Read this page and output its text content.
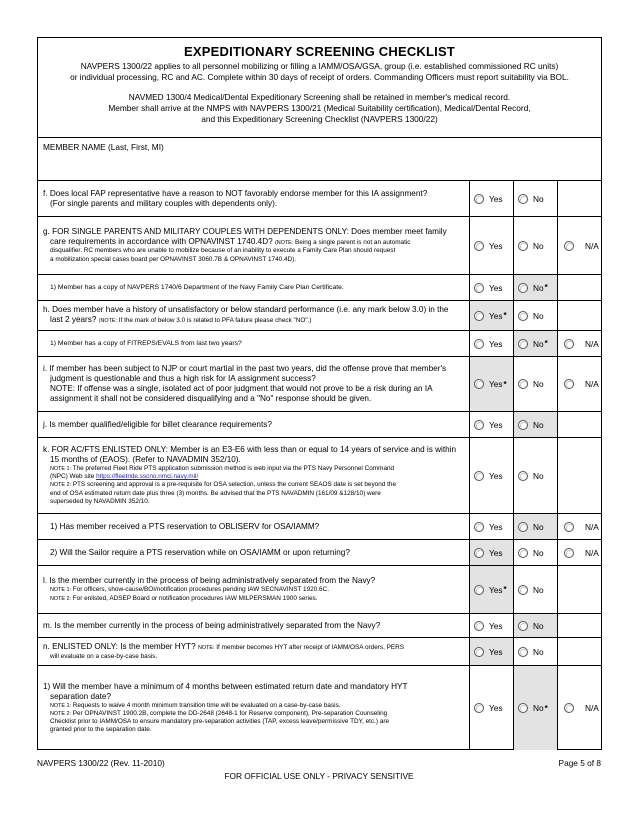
EXPEDITIONARY SCREENING CHECKLIST
NAVPERS 1300/22 applies to all personnel mobilizing or filling a IAMM/OSA/GSA, group (i.e. established commissioned RC units)
or individual processing, RC and AC. Complete within 30 days of receipt of orders. Commanding Officers must report suitability via BOL.
NAVMED 1300/4 Medical/Dental Expeditionary Screening shall be retained in member's medical record.
Member shall arrive at the NMPS with NAVPERS 1300/21 (Medical Suitability certification), Medical/Dental Record,
and this Expeditionary Screening Checklist (NAVPERS 1300/22)
MEMBER NAME (Last, First, MI)
f. Does local FAP representative have a reason to NOT favorably endorse member for this IA assignment?
(For single parents and military couples with dependents only).	Yes	No
g. FOR SINGLE PARENTS AND MILITARY COUPLES WITH DEPENDENTS ONLY: Does member meet family
care requirements in accordance with OPNAVINST 1740.4D? (NOTE: Being a single parent is not an automatic
disqualifier. RC members who are unable to mobilize because of an inability to execute a Family Care Plan should request
a mobilization special cases board per OPNAVINST 3060.7B & OPNAVINST 1740.4D).
Yes	No	N/A
1) Member has a copy of NAVPERS 1740/6 Department of the Navy Family Care Plan Certificate.	Yes	No *
h. Does member have a history of unsatisfactory or below standard performance (i.e. any mark below 3.0) in the
last 2 years? (NOTE: If the mark of below 3.0 is related to PFA failure please check "NO".)
Yes *	No
1) Member has a copy of FITREPS/EVALS from last two years?	Yes	No *	N/A
i. If member has been subject to NJP or court martial in the past two years, did the offense prove that member's
judgment is questionable and thus a high risk for IA assignment success?
NOTE: If offense was a single, isolated act of poor judgment that would not prove to be a risk during an IA
assignment it shall not be considered disqualifying and a "No" response should be given.
Yes *	No	N/A
j. Is member qualified/eligible for billet clearance requirements?	Yes	No
k. FOR AC/FTS ENLISTED ONLY: Member is an E3-E6 with less than or equal to 14 years of service and is within
15 months of (EAOS). (Refer to NAVADMIN 352/10).
NOTE 1: The preferred Fleet Ride PTS application submission method is web input via the PTS Navy Personnel Command
(NPC) Web site https://fleetride.sscno.nmci.navy.mil/
NOTE 2: PTS screening and approval is a pre-requisite for OSA selection, unless the current SEAOS date is set beyond the
end of OSA estimated return date plus three (3) months. Be advised that the PTS NAVADMIN (161/09 &128/10) were
superseded by NAVADMIN 352/10.
Yes	No
1) Has member received a PTS reservation to OBLISERV for OSA/IAMM?	Yes	No	N/A
2) Will the Sailor require a PTS reservation while on OSA/IAMM or upon returning?	Yes	No	N/A
l. Is the member currently in the process of being administratively separated from the Navy?
NOTE 1: For officers, show-cause/BOI/notification procedures pending IAW SECNAVINST 1920.6C.
NOTE 2: For enlisted, ADSEP Board or notification procedures IAW MILPERSMAN 1900 series.
Yes *	No
m. Is the member currently in the process of being administratively separated from the Navy?	Yes	No
n. ENLISTED ONLY: Is the member HYT? NOTE: If member becomes HYT after receipt of IAMM/OSA orders, PERS
will evaluate on a case-by-case basis.	Yes	No
1) Will the member have a minimum of 4 months between estimated return date and mandatory HYT
separation date?
NOTE 1: Requests to waive 4 month minimum transition time will be evaluated on a case-by-case basis.
NOTE 2: Per OPNAVINST 1900.2B, complete the DD-2648 (2648-1 for Reserve component), Pre-separation Counseling
Checklist prior to IAMM/OSA to ensure mandatory pre-separation activities (TAP, excess leave/permissive TDY, etc.) are
granted prior to the separation date.
Yes	No *	N/A
NAVPERS 1300/22 (Rev. 11-2010)	Page 5 of 8
FOR OFFICIAL USE ONLY - PRIVACY SENSITIVE
